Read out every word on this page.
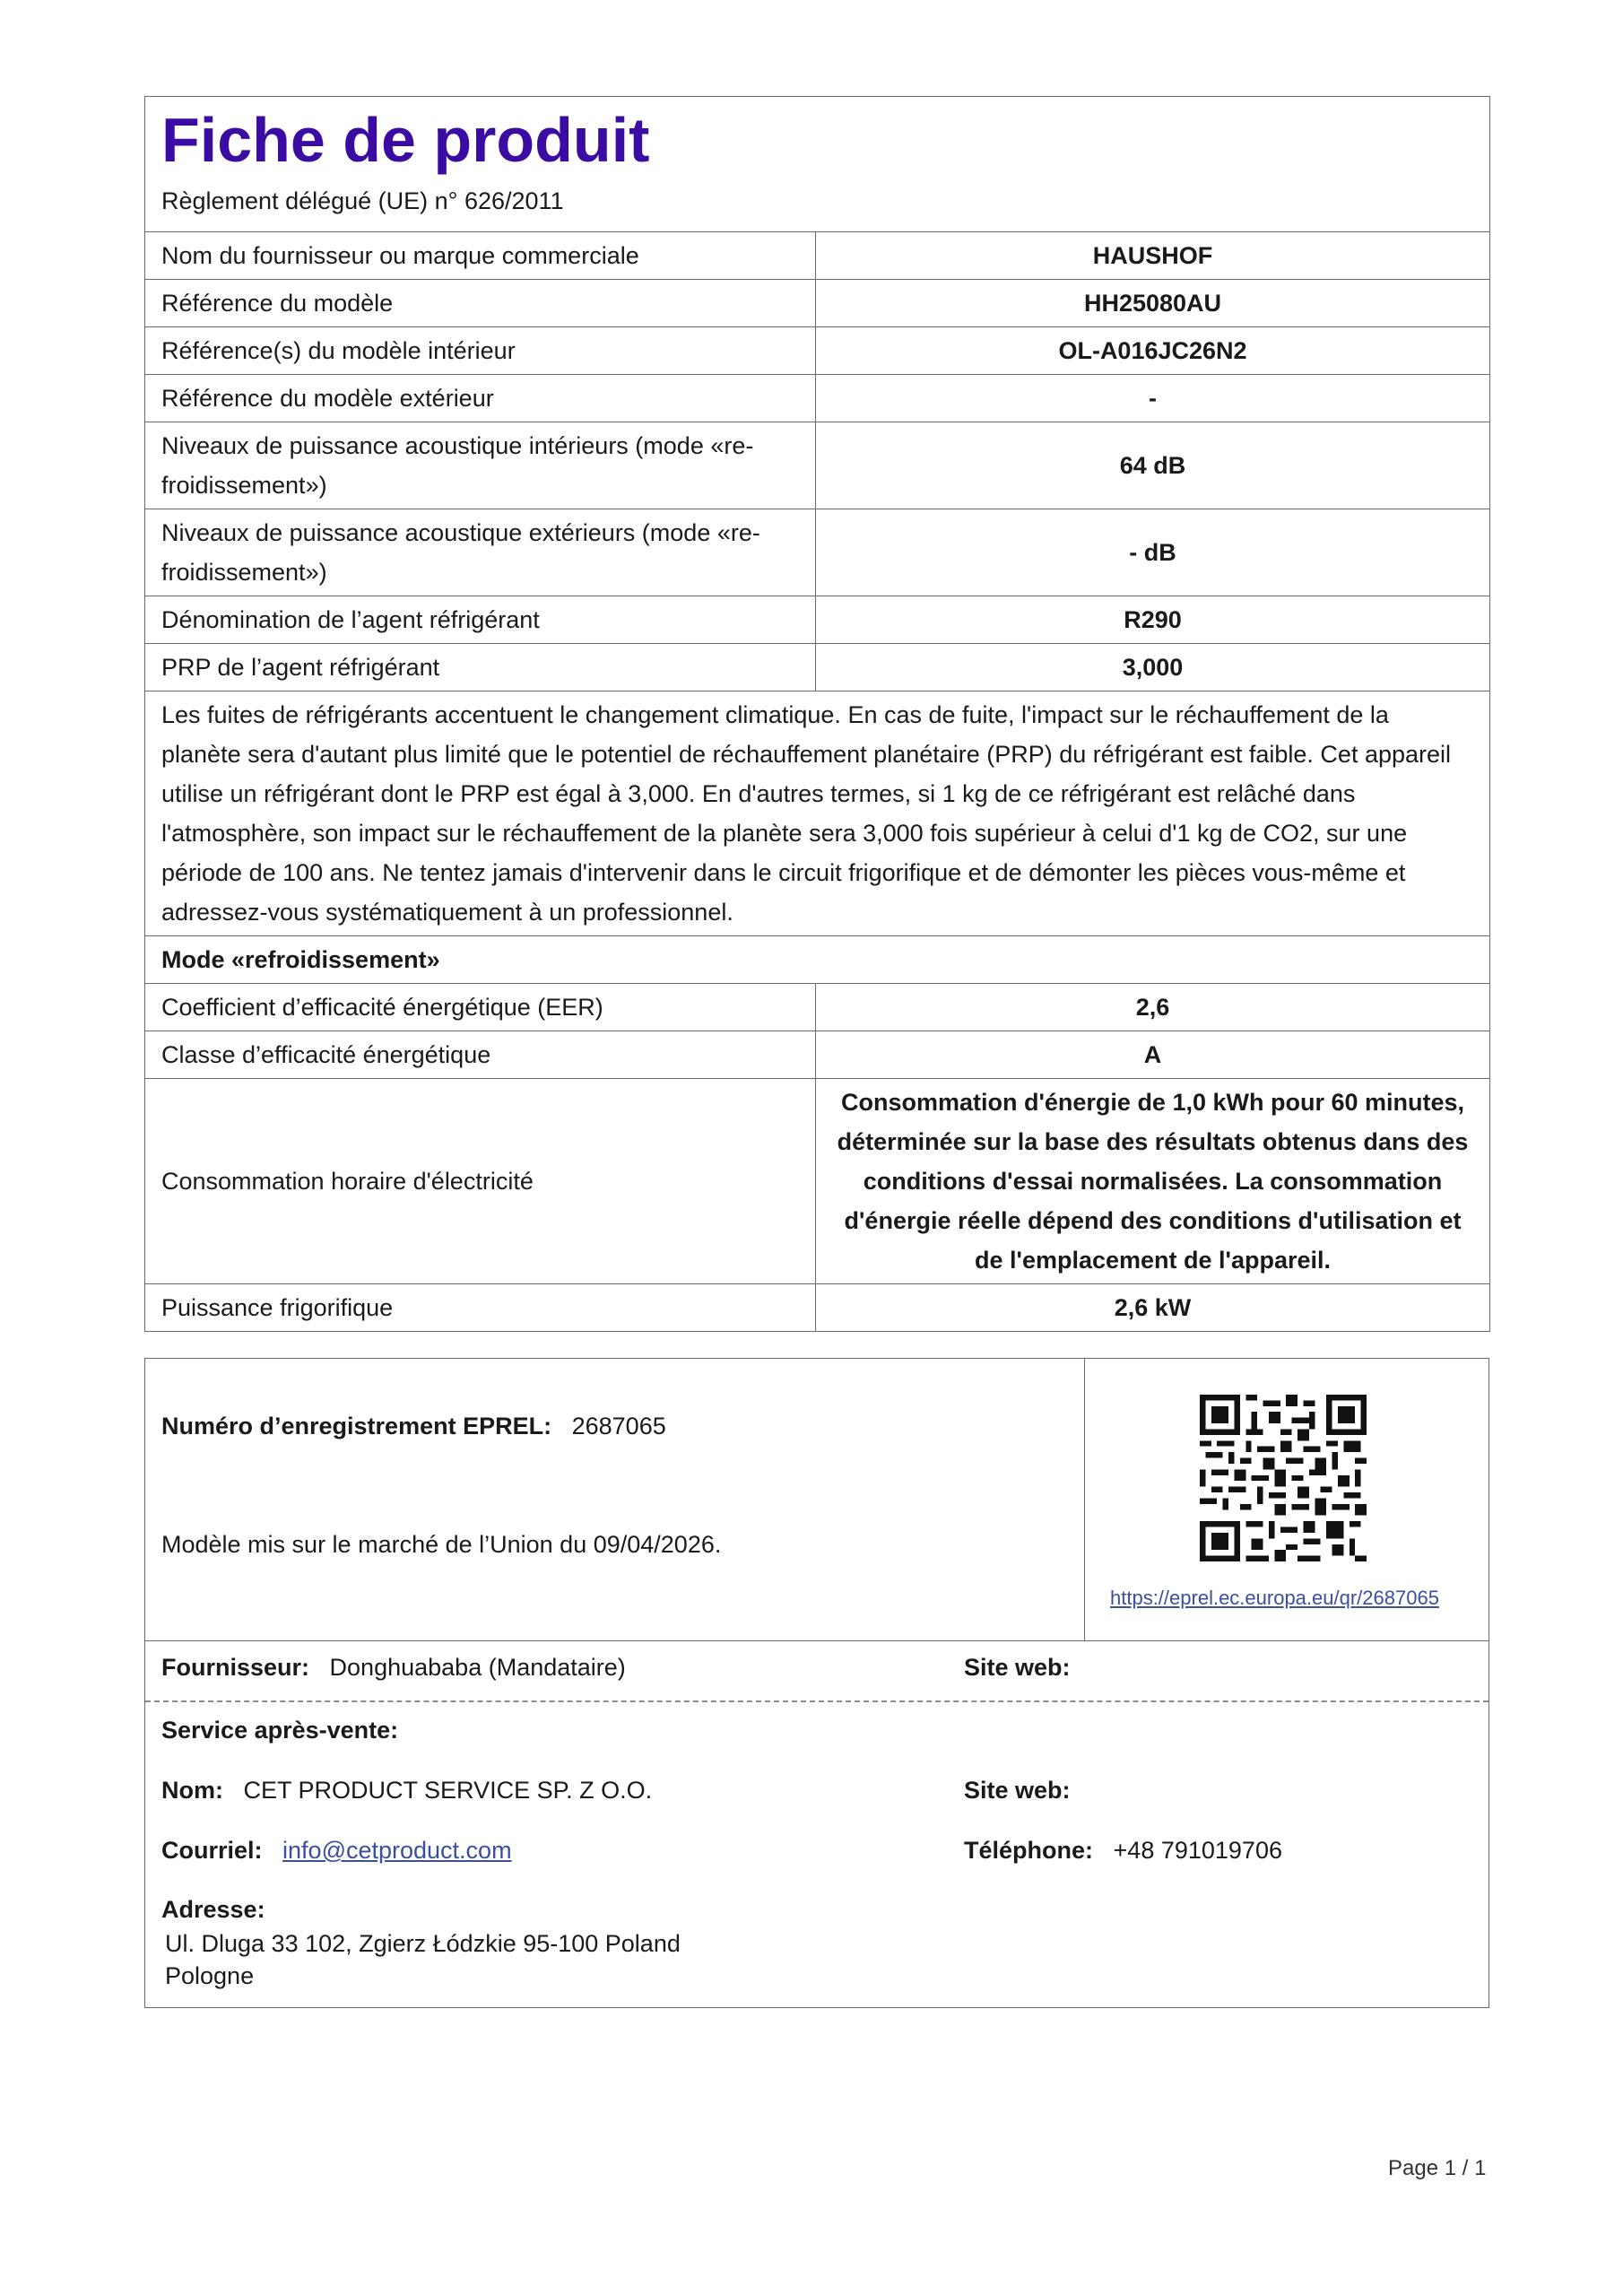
Fiche de produit
Règlement délégué (UE) n° 626/2011	

Nom du fournisseur ou marque commerciale	HAUSHOF
Référence du modèle	HH25080AU
Référence(s) du modèle intérieur	OL-A016JC26N2
Référence du modèle extérieur	-
Niveaux de puissance acoustique intérieurs (mode «re-froidissement»)	64 dB
Niveaux de puissance acoustique extérieurs (mode «re-froidissement»)	- dB
Dénomination de l’agent réfrigérant	R290
PRP de l’agent réfrigérant	3,000
Les fuites de réfrigérants accentuent le changement climatique. En cas de fuite, l'impact sur le réchauffement de la planète sera d'autant plus limité que le potentiel de réchauffement planétaire (PRP) du réfrigérant est faible. Cet appareil utilise un réfrigérant dont le PRP est égal à 3,000. En d'autres termes, si 1 kg de ce réfrigérant est relâché dans l'atmosphère, son impact sur le réchauffement de la planète sera 3,000 fois supérieur à celui d'1 kg de CO2, sur une période de 100 ans. Ne tentez jamais d'intervenir dans le circuit frigorifique et de démonter les pièces vous-même et adressez-vous systématiquement à un professionnel.	
Mode «refroidissement»	
Coefficient d’efficacité énergétique (EER)	2,6
Classe d’efficacité énergétique	A
Consommation horaire d'électricité	Consommation d'énergie de 1,0 kWh pour 60 minutes, déterminée sur la base des résultats obtenus dans des conditions d'essai normalisées. La consommation d'énergie réelle dépend des conditions d'utilisation et de l'emplacement de l'appareil.
Puissance frigorifique	2,6 kW
Numéro d’enregistrement EPREL: 2687065
Modèle mis sur le marché de l’Union du 09/04/2026.
https://eprel.ec.europa.eu/qr/2687065
Fournisseur: Donghuababa (Mandataire)	Site web:
Service après-vente:
Nom: CET PRODUCT SERVICE SP. Z O.O.	Site web:
Courriel: info@cetproduct.com	Téléphone: +48 791019706
Adresse:
Ul. Dluga 33 102, Zgierz Łódzkie 95-100 Poland
Pologne
Page 1 / 1
